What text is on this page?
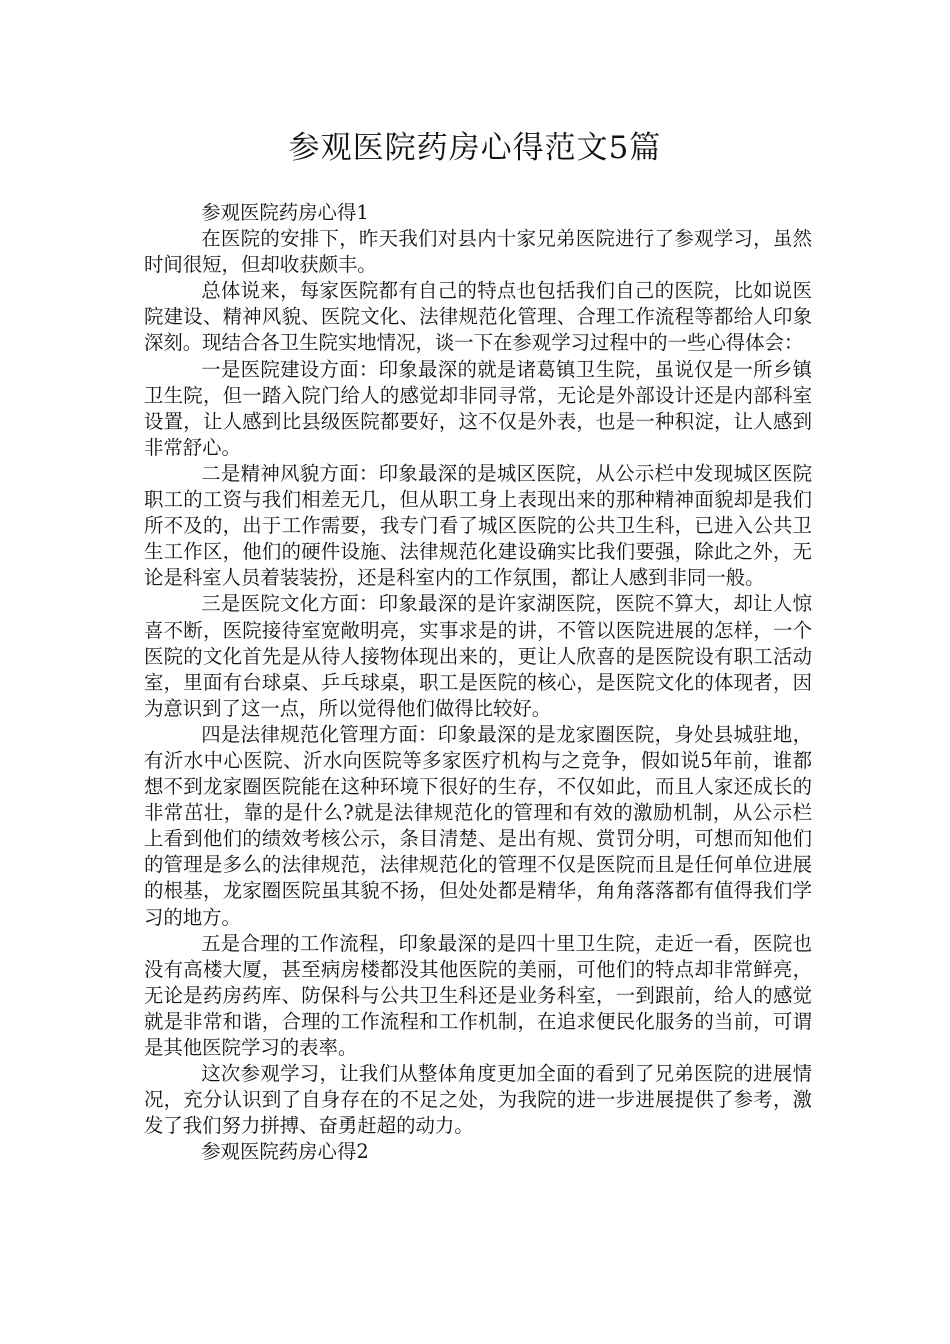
参观医院药房心得范文5篇

参观医院药房心得1

在医院的安排下，昨天我们对县内十家兄弟医院进行了参观学习，虽然时间很短，但却收获颇丰。

总体说来，每家医院都有自己的特点也包括我们自己的医院，比如说医院建设、精神风貌、医院文化、法律规范化管理、合理工作流程等都给人印象深刻。现结合各卫生院实地情况，谈一下在参观学习过程中的一些心得体会：

一是医院建设方面：印象最深的就是诸葛镇卫生院，虽说仅是一所乡镇卫生院，但一踏入院门给人的感觉却非同寻常，无论是外部设计还是内部科室设置，让人感到比县级医院都要好，这不仅是外表，也是一种积淀，让人感到非常舒心。

二是精神风貌方面：印象最深的是城区医院，从公示栏中发现城区医院职工的工资与我们相差无几，但从职工身上表现出来的那种精神面貌却是我们所不及的，出于工作需要，我专门看了城区医院的公共卫生科，已进入公共卫生工作区，他们的硬件设施、法律规范化建设确实比我们要强，除此之外，无论是科室人员着装装扮，还是科室内的工作氛围，都让人感到非同一般。

三是医院文化方面：印象最深的是许家湖医院，医院不算大，却让人惊喜不断，医院接待室宽敞明亮，实事求是的讲，不管以医院进展的怎样，一个医院的文化首先是从待人接物体现出来的，更让人欣喜的是医院设有职工活动室，里面有台球桌、乒乓球桌，职工是医院的核心，是医院文化的体现者，因为意识到了这一点，所以觉得他们做得比较好。

四是法律规范化管理方面：印象最深的是龙家圈医院，身处县城驻地，有沂水中心医院、沂水向医院等多家医疗机构与之竞争，假如说5年前，谁都想不到龙家圈医院能在这种环境下很好的生存，不仅如此，而且人家还成长的非常茁壮，靠的是什么?就是法律规范化的管理和有效的激励机制，从公示栏上看到他们的绩效考核公示，条目清楚、是出有规、赏罚分明，可想而知他们的管理是多么的法律规范，法律规范化的管理不仅是医院而且是任何单位进展的根基，龙家圈医院虽其貌不扬，但处处都是精华，角角落落都有值得我们学习的地方。

五是合理的工作流程，印象最深的是四十里卫生院，走近一看，医院也没有高楼大厦，甚至病房楼都没其他医院的美丽，可他们的特点却非常鲜亮，无论是药房药库、防保科与公共卫生科还是业务科室，一到跟前，给人的感觉就是非常和谐，合理的工作流程和工作机制，在追求便民化服务的当前，可谓是其他医院学习的表率。

这次参观学习，让我们从整体角度更加全面的看到了兄弟医院的进展情况，充分认识到了自身存在的不足之处，为我院的进一步进展提供了参考，激发了我们努力拼搏、奋勇赶超的动力。

参观医院药房心得2
